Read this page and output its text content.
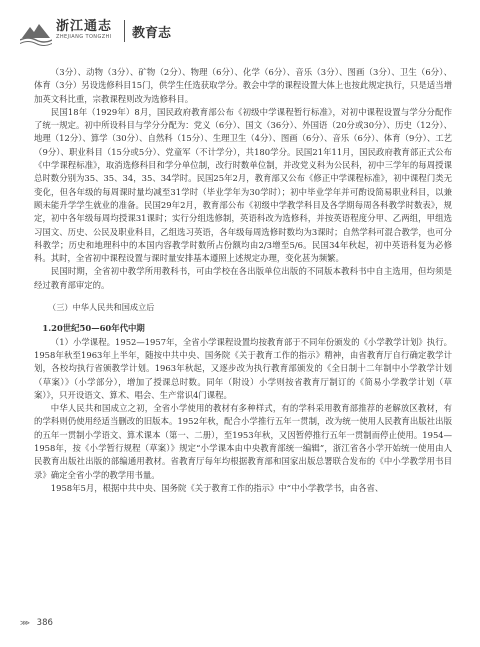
浙江通志
ZHEJIANG TONGZHI 教育志

（3分）、动物（3分）、矿物（2分）、物理（6分）、化学（6分）、音乐（3分）、图画（3分）、卫生（6分）、体育（3分）另设选修科目15门，供学生任选获取学分。教会中学的课程设置大体上也按此规定执行，只是适当增加英文科比重，宗教课程则改为选修科目。

民国18年（1929年）8月，国民政府教育部公布《初级中学课程暂行标准》，对初中课程设置与学分分配作了统一规定。初中所设科目与学分分配为：党义（6分）、国文（36分）、外国语（20分或30分）、历史（12分）、地理（12分）、算学（30分）、自然科（15分）、生理卫生（4分）、图画（6分）、音乐（6分）、体育（9分）、工艺（9分）、职业科目（15分或5分）、党童军（不计学分），共180学分。民国21年11月，国民政府教育部正式公布《中学课程标准》，取消选修科目和学分单位制，改行时数单位制，并改党义科为公民科，初中三学年的每周授课总时数分别为35、35、34，35、34学时。民国25年2月，教育部又公布《修正中学课程标准》，初中课程门类无变化，但各年级的每周课时量均减至31学时（毕业学年为30学时）；初中毕业学年并可酌设简易职业科目，以兼顾未能升学学生就业的准备。民国29年2月，教育部公布《初级中学教学科目及各学期每周各科教学时数表》，规定，初中各年级每周均授课31课时；实行分组选修制，英语科改为选修科，并按英语程度分甲、乙两组，甲组选习国文、历史、公民及职业科目，乙组选习英语，各年级每周选修时数均为3课时；自然学科可混合教学，也可分科教学；历史和地理科中的本国内容教学时数所占份额均由2/3增至5/6。民国34年秋起，初中英语科复为必修科。其时，全省初中课程设置与课时量安排基本遵照上述规定办理，变化甚为频繁。

民国时期，全省初中教学所用教科书，可由学校在各出版单位出版的不同版本教科书中自主选用，但均须是经过教育部审定的。

（三）中华人民共和国成立后

1.20世纪50—60年代中期

（1）小学课程。1952—1957年，全省小学课程设置均按教育部于不同年份颁发的《小学教学计划》执行。1958年秋至1963年上半年，随按中共中央、国务院《关于教育工作的指示》精神，由省教育厅自行确定教学计划，各校均执行省颁教学计划。1963年秋起，又逐步改为执行教育部颁发的《全日制十二年制中小学教学计划（草案）》（小学部分），增加了授课总时数。同年（附设）小学则按省教育厅制订的《简易小学教学计划（草案）》，只开设语文、算术、唱会、生产常识4门课程。

中华人民共和国成立之初，全省小学使用的教材有多种样式，有的学科采用教育部推荐的老解放区教材，有的学科则仍使用经适当删改的旧版本。1952年秋，配合小学推行五年一贯制，改为统一使用人民教育出版社出版的五年一贯制小学语文、算术课本（第一、二册），至1953年秋，又因暂停推行五年一贯制而停止使用。1954—1958年，按《小学暂行规程（草案）》规定“小学课本由中央教育部统一编辑”，浙江省各小学开始统一使用由人民教育出版社出版的部编通用教材。省教育厅每年均根据教育部和国家出版总署联合发布的《中小学教学用书目录》确定全省小学的教学用书量。

1958年5月，根据中共中央、国务院《关于教育工作的指示》中“中小学教学书，由各省、

⋙ 386
